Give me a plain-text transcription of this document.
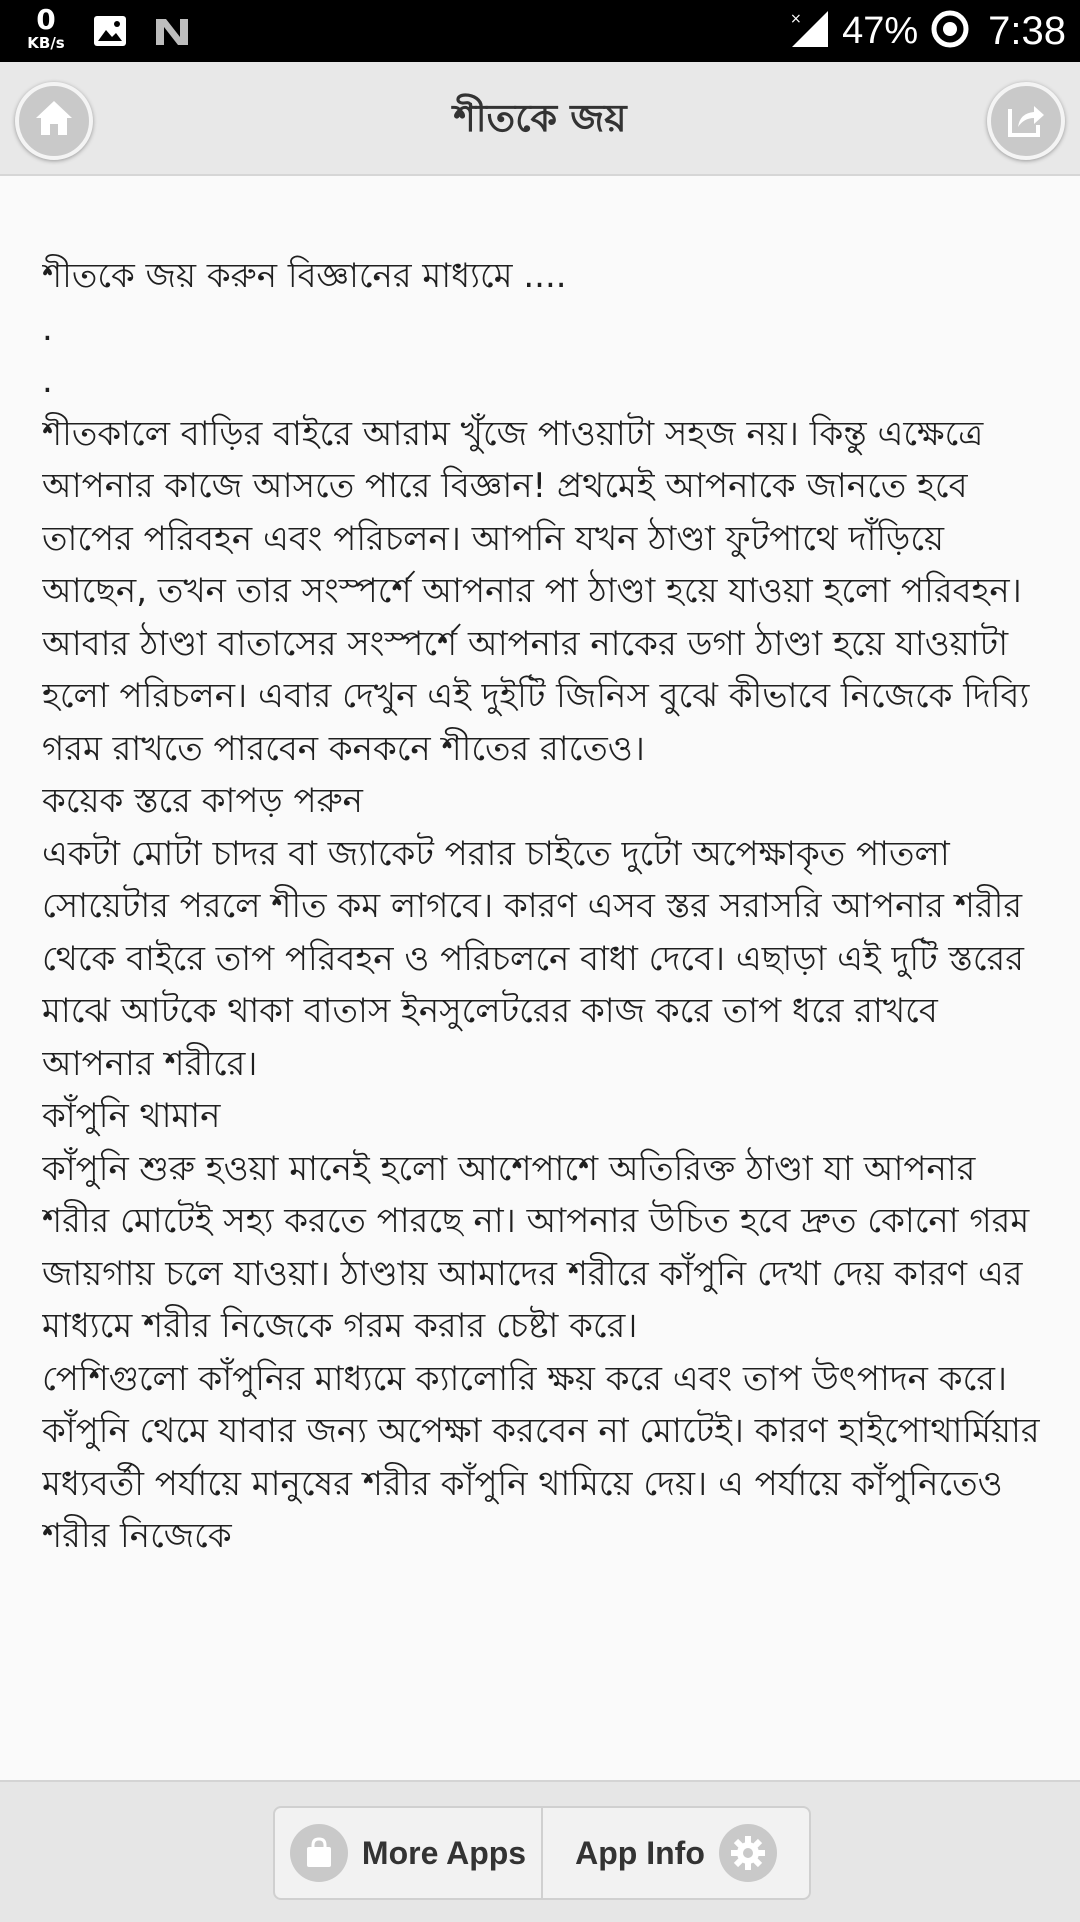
0
KB/s
× 47% 7:38
শীতকে জয়

শীতকে জয় করুন বিজ্ঞানের মাধ্যমে ....

.

.

শীতকালে বাড়ির বাইরে আরাম খুঁজে পাওয়াটা সহজ নয়। কিন্তু এক্ষেত্রে আপনার কাজে আসতে পারে বিজ্ঞান! প্রথমেই আপনাকে জানতে হবে তাপের পরিবহন এবং পরিচলন। আপনি যখন ঠাণ্ডা ফুটপাথে দাঁড়িয়ে আছেন, তখন তার সংস্পর্শে আপনার পা ঠাণ্ডা হয়ে যাওয়া হলো পরিবহন। আবার ঠাণ্ডা বাতাসের সংস্পর্শে আপনার নাকের ডগা ঠাণ্ডা হয়ে যাওয়াটা হলো পরিচলন। এবার দেখুন এই দুইটি জিনিস বুঝে কীভাবে নিজেকে দিব্যি গরম রাখতে পারবেন কনকনে শীতের রাতেও।

কয়েক স্তরে কাপড় পরুন

একটা মোটা চাদর বা জ্যাকেট পরার চাইতে দুটো অপেক্ষাকৃত পাতলা সোয়েটার পরলে শীত কম লাগবে। কারণ এসব স্তর সরাসরি আপনার শরীর থেকে বাইরে তাপ পরিবহন ও পরিচলনে বাধা দেবে। এছাড়া এই দুটি স্তরের মাঝে আটকে থাকা বাতাস ইনসুলেটরের কাজ করে তাপ ধরে রাখবে আপনার শরীরে।

কাঁপুনি থামান

কাঁপুনি শুরু হওয়া মানেই হলো আশেপাশে অতিরিক্ত ঠাণ্ডা যা আপনার শরীর মোটেই সহ্য করতে পারছে না। আপনার উচিত হবে দ্রুত কোনো গরম জায়গায় চলে যাওয়া। ঠাণ্ডায় আমাদের শরীরে কাঁপুনি দেখা দেয় কারণ এর মাধ্যমে শরীর নিজেকে গরম করার চেষ্টা করে।

পেশিগুলো কাঁপুনির মাধ্যমে ক্যালোরি ক্ষয় করে এবং তাপ উৎপাদন করে। কাঁপুনি থেমে যাবার জন্য অপেক্ষা করবেন না মোটেই। কারণ হাইপোথার্মিয়ার মধ্যবর্তী পর্যায়ে মানুষের শরীর কাঁপুনি থামিয়ে দেয়। এ পর্যায়ে কাঁপুনিতেও শরীর নিজেকে

More Apps App Info
